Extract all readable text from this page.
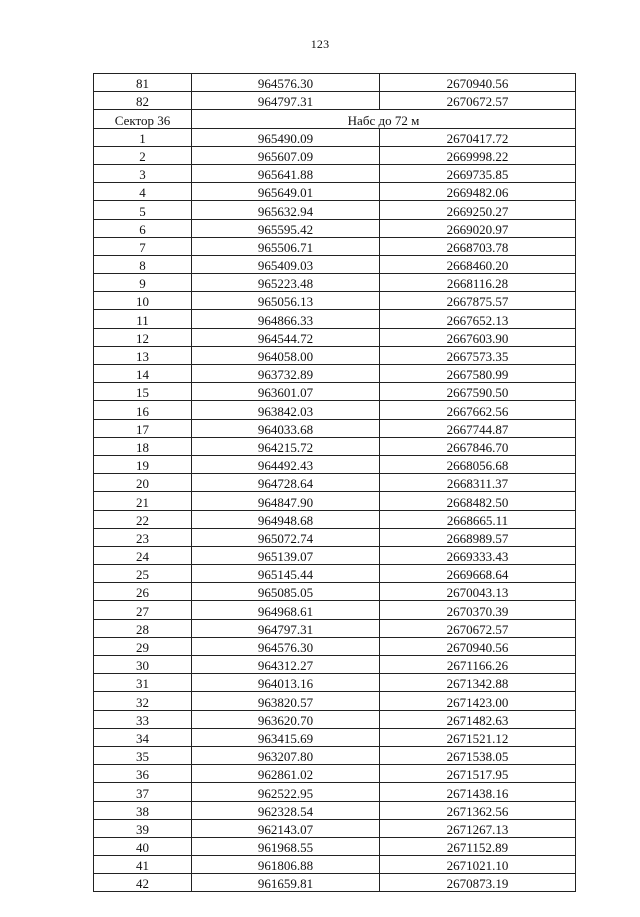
123
81	964576.30	2670940.56
82	964797.31	2670672.57
Сектор 36	Набс до 72 м	
1	965490.09	2670417.72
2	965607.09	2669998.22
3	965641.88	2669735.85
4	965649.01	2669482.06
5	965632.94	2669250.27
6	965595.42	2669020.97
7	965506.71	2668703.78
8	965409.03	2668460.20
9	965223.48	2668116.28
10	965056.13	2667875.57
11	964866.33	2667652.13
12	964544.72	2667603.90
13	964058.00	2667573.35
14	963732.89	2667580.99
15	963601.07	2667590.50
16	963842.03	2667662.56
17	964033.68	2667744.87
18	964215.72	2667846.70
19	964492.43	2668056.68
20	964728.64	2668311.37
21	964847.90	2668482.50
22	964948.68	2668665.11
23	965072.74	2668989.57
24	965139.07	2669333.43
25	965145.44	2669668.64
26	965085.05	2670043.13
27	964968.61	2670370.39
28	964797.31	2670672.57
29	964576.30	2670940.56
30	964312.27	2671166.26
31	964013.16	2671342.88
32	963820.57	2671423.00
33	963620.70	2671482.63
34	963415.69	2671521.12
35	963207.80	2671538.05
36	962861.02	2671517.95
37	962522.95	2671438.16
38	962328.54	2671362.56
39	962143.07	2671267.13
40	961968.55	2671152.89
41	961806.88	2671021.10
42	961659.81	2670873.19
